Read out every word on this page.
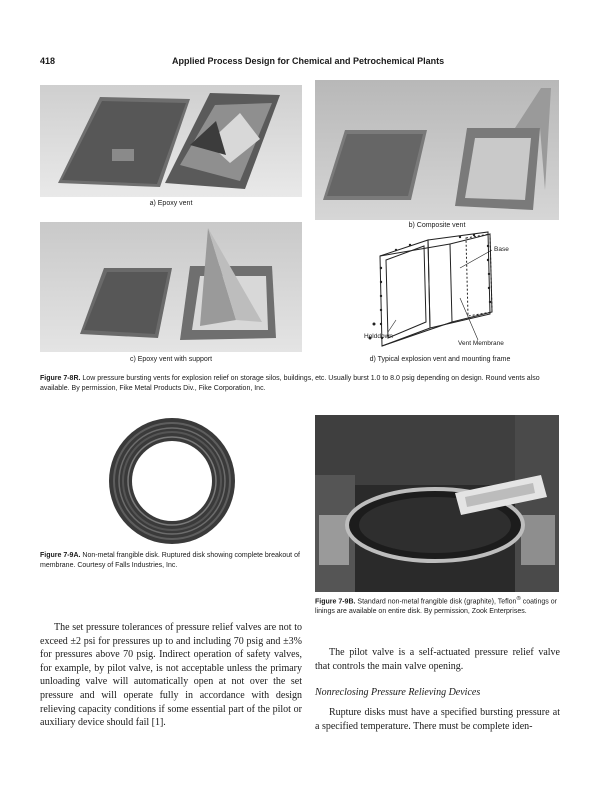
418	Applied Process Design for Chemical and Petrochemical Plants
a) Epoxy vent
b) Composite vent
Base
Holddown
Vent Membrane
c) Epoxy vent with support	d) Typical explosion vent and mounting frame
Figure 7-8R. Low pressure bursting vents for explosion relief on storage silos, buildings, etc. Usually burst 1.0 to 8.0 psig depending on design. Round vents also available. By permission, Fike Metal Products Div., Fike Corporation, Inc.
Figure 7-9A. Non-metal frangible disk. Ruptured disk showing complete breakout of membrane. Courtesy of Falls Industries, Inc.
Figure 7-9B. Standard non-metal frangible disk (graphite), Teflon® coatings or linings are available on entire disk. By permission, Zook Enterprises.
The set pressure tolerances of pressure relief valves are not to exceed ±2 psi for pressures up to and including 70 psig and ±3% for pressures above 70 psig. Indirect operation of safety valves, for example, by pilot valve, is not acceptable unless the primary unloading valve will automatically open at not over the set pressure and will operate fully in accordance with design relieving capacity conditions if some essential part of the pilot or auxiliary device should fail [1].
The pilot valve is a self-actuated pressure relief valve that controls the main valve opening.
Nonreclosing Pressure Relieving Devices
Rupture disks must have a specified bursting pressure at a specified temperature. There must be complete iden-
